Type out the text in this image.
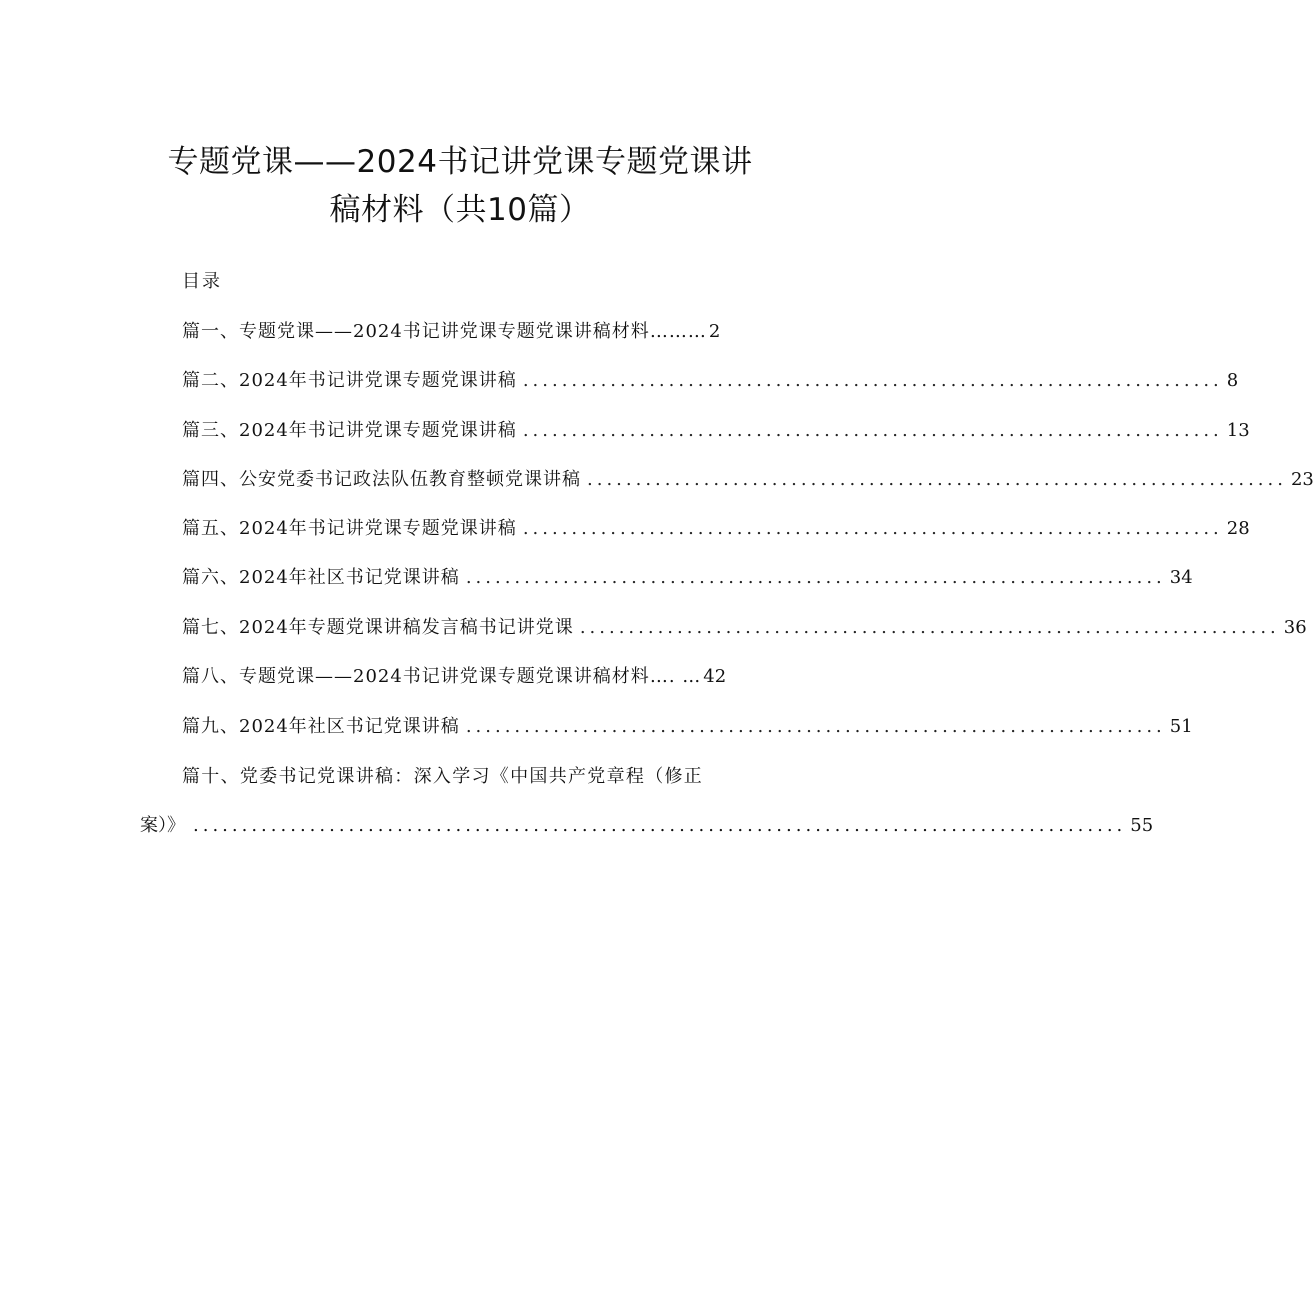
专题党课——2024书记讲党课专题党课讲
稿材料（共10篇）
目录
篇一、专题党课——2024书记讲党课专题党课讲稿材料 ……… 2
篇二、2024年书记讲党课专题党课讲稿 ........................................................................ 8
篇三、2024年书记讲党课专题党课讲稿 ........................................................................ 13
篇四、公安党委书记政法队伍教育整顿党课讲稿 ........................................................................ 23
篇五、2024年书记讲党课专题党课讲稿 ........................................................................ 28
篇六、2024年社区书记党课讲稿 ........................................................................ 34
篇七、2024年专题党课讲稿发言稿书记讲党课 ........................................................................ 36
篇八、专题党课——2024书记讲党课专题党课讲稿材料 …. … 42
篇九、2024年社区书记党课讲稿 ........................................................................ 51
篇十、党委书记党课讲稿：深入学习《中国共产党章程（修正
案）》 ................................................................................................ 55
